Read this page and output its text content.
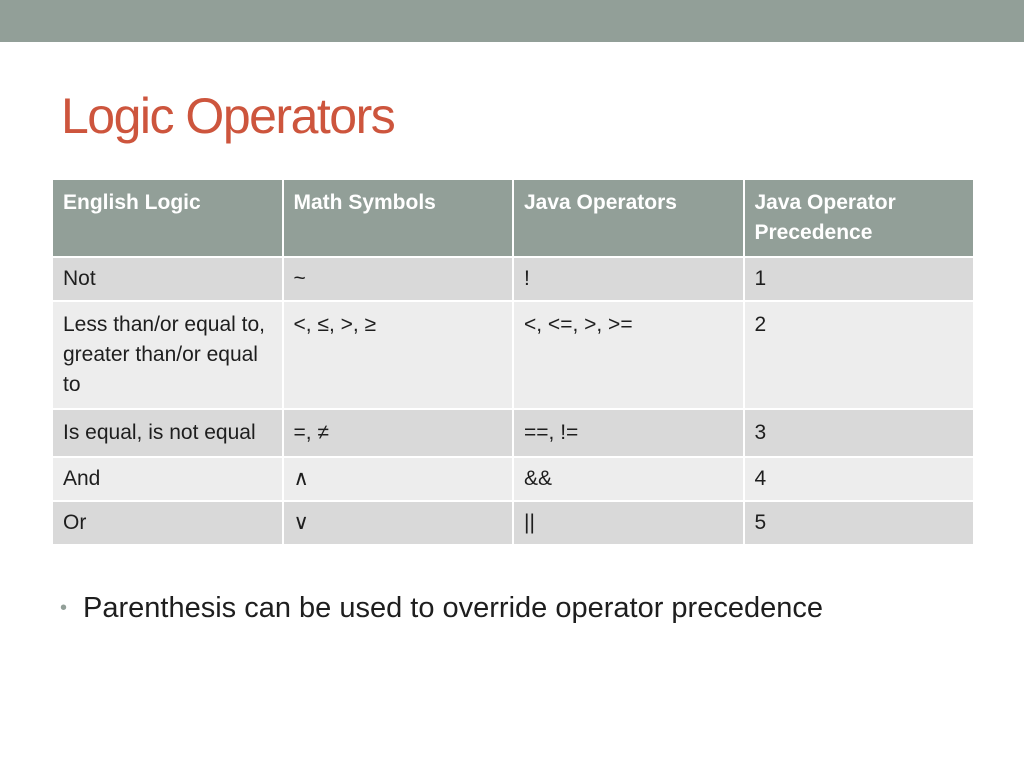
Logic Operators
English Logic	Math Symbols	Java Operators	Java Operator Precedence
Not	~	!	1
Less than/or equal to, greater than/or equal to	<, ≤, >, ≥	<, <=, >, >=	2
Is equal, is not equal	=, ≠	==, !=	3
And	∧	&&	4
Or	∨	||	5
• Parenthesis can be used to override operator precedence
